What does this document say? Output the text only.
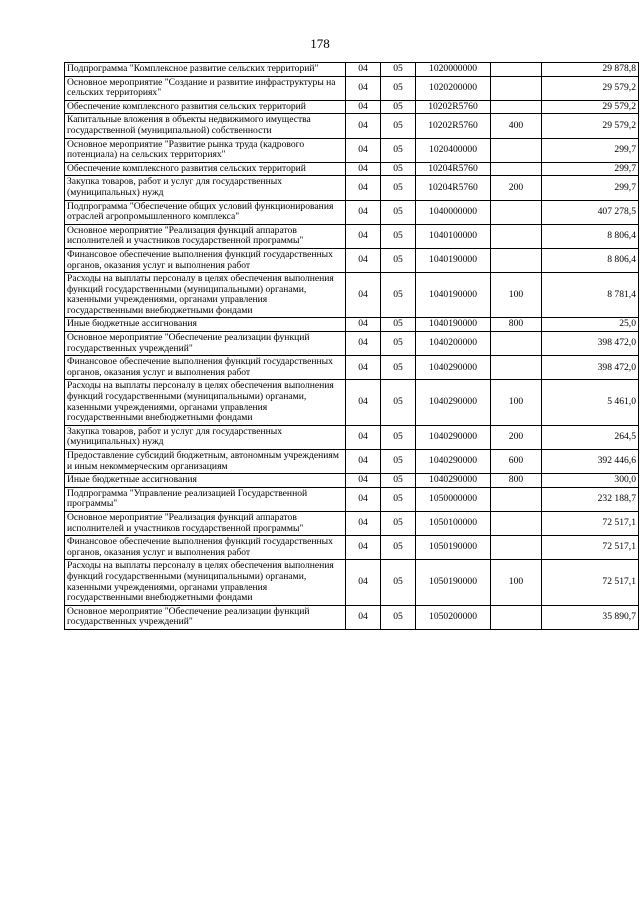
178
Подпрограмма "Комплексное развитие сельских территорий"	04	05	1020000000		29 878,8
Основное мероприятие "Создание и развитие инфраструктуры на сельских территориях"	04	05	1020200000		29 579,2
Обеспечение комплексного развития сельских территорий	04	05	10202R5760		29 579,2
Капитальные вложения в объекты недвижимого имущества государственной (муниципальной) собственности	04	05	10202R5760	400	29 579,2
Основное мероприятие "Развитие рынка труда (кадрового потенциала) на сельских территориях"	04	05	1020400000		299,7
Обеспечение комплексного развития сельских территорий	04	05	10204R5760		299,7
Закупка товаров, работ и услуг для государственных (муниципальных) нужд	04	05	10204R5760	200	299,7
Подпрограмма "Обеспечение общих условий функционирования отраслей агропромышленного комплекса"	04	05	1040000000		407 278,5
Основное мероприятие "Реализация функций аппаратов исполнителей и участников государственной программы"	04	05	1040100000		8 806,4
Финансовое обеспечение выполнения функций государственных органов, оказания услуг и выполнения работ	04	05	1040190000		8 806,4
Расходы на выплаты персоналу в целях обеспечения выполнения функций государственными (муниципальными) органами, казенными учреждениями, органами управления государственными внебюджетными фондами	04	05	1040190000	100	8 781,4
Иные бюджетные ассигнования	04	05	1040190000	800	25,0
Основное мероприятие "Обеспечение реализации функций государственных учреждений"	04	05	1040200000		398 472,0
Финансовое обеспечение выполнения функций государственных органов, оказания услуг и выполнения работ	04	05	1040290000		398 472,0
Расходы на выплаты персоналу в целях обеспечения выполнения функций государственными (муниципальными) органами, казенными учреждениями, органами управления государственными внебюджетными фондами	04	05	1040290000	100	5 461,0
Закупка товаров, работ и услуг для государственных (муниципальных) нужд	04	05	1040290000	200	264,5
Предоставление субсидий бюджетным, автономным учреждениям и иным некоммерческим организациям	04	05	1040290000	600	392 446,6
Иные бюджетные ассигнования	04	05	1040290000	800	300,0
Подпрограмма "Управление реализацией Государственной программы"	04	05	1050000000		232 188,7
Основное мероприятие "Реализация функций аппаратов исполнителей и участников государственной программы"	04	05	1050100000		72 517,1
Финансовое обеспечение выполнения функций государственных органов, оказания услуг и выполнения работ	04	05	1050190000		72 517,1
Расходы на выплаты персоналу в целях обеспечения выполнения функций государственными (муниципальными) органами, казенными учреждениями, органами управления государственными внебюджетными фондами	04	05	1050190000	100	72 517,1
Основное мероприятие "Обеспечение реализации функций государственных учреждений"	04	05	1050200000		35 890,7
